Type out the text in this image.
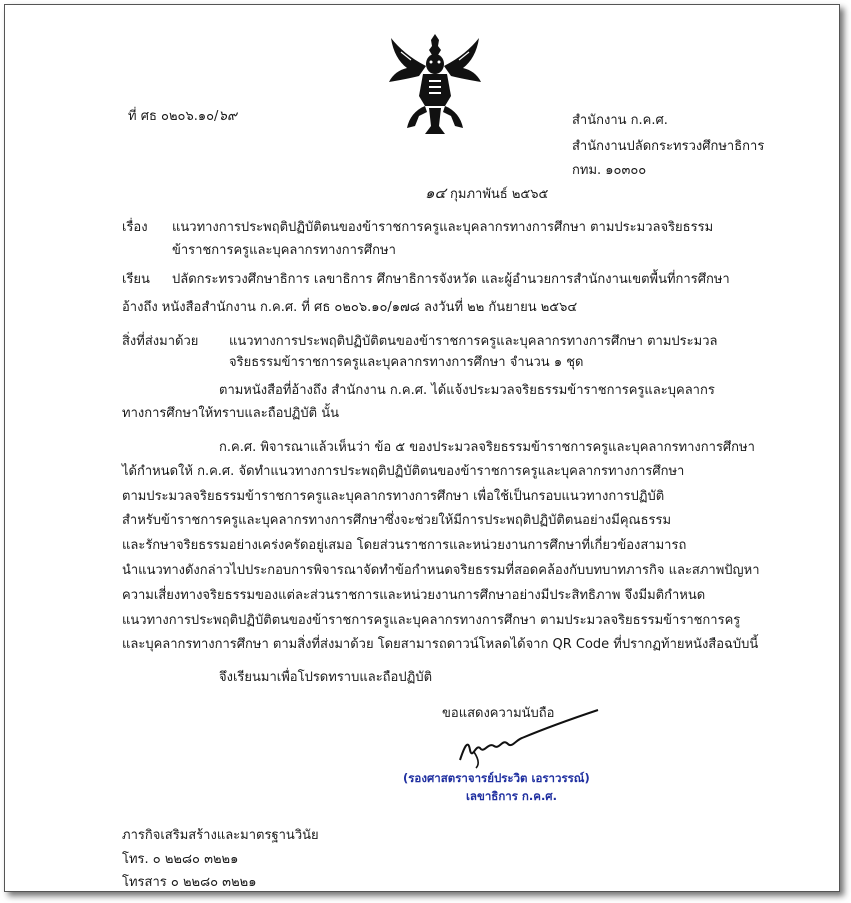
ที่ ศธ ๐๒๐๖.๑๐/๖๙	สำนักงาน ก.ค.ศ.
สำนักงานปลัดกระทรวงศึกษาธิการ
กทม. ๑๐๓๐๐
๑๔ กุมภาพันธ์ ๒๕๖๕
เรื่อง แนวทางการประพฤติปฏิบัติตนของข้าราชการครูและบุคลากรทางการศึกษา ตามประมวลจริยธรรม
ข้าราชการครูและบุคลากรทางการศึกษา
เรียน ปลัดกระทรวงศึกษาธิการ เลขาธิการ ศึกษาธิการจังหวัด และผู้อำนวยการสำนักงานเขตพื้นที่การศึกษา
อ้างถึง หนังสือสำนักงาน ก.ค.ศ. ที่ ศธ ๐๒๐๖.๑๐/๑๗๘ ลงวันที่ ๒๒ กันยายน ๒๕๖๔
สิ่งที่ส่งมาด้วย แนวทางการประพฤติปฏิบัติตนของข้าราชการครูและบุคลากรทางการศึกษา ตามประมวล
จริยธรรมข้าราชการครูและบุคลากรทางการศึกษา จำนวน ๑ ชุด
ตามหนังสือที่อ้างถึง สำนักงาน ก.ค.ศ. ได้แจ้งประมวลจริยธรรมข้าราชการครูและบุคลากร
ทางการศึกษาให้ทราบและถือปฏิบัติ นั้น
ก.ค.ศ. พิจารณาแล้วเห็นว่า ข้อ ๕ ของประมวลจริยธรรมข้าราชการครูและบุคลากรทางการศึกษา
ได้กำหนดให้ ก.ค.ศ. จัดทำแนวทางการประพฤติปฏิบัติตนของข้าราชการครูและบุคลากรทางการศึกษา
ตามประมวลจริยธรรมข้าราชการครูและบุคลากรทางการศึกษา เพื่อใช้เป็นกรอบแนวทางการปฏิบัติ
สำหรับข้าราชการครูและบุคลากรทางการศึกษาซึ่งจะช่วยให้มีการประพฤติปฏิบัติตนอย่างมีคุณธรรม
และรักษาจริยธรรมอย่างเคร่งครัดอยู่เสมอ โดยส่วนราชการและหน่วยงานการศึกษาที่เกี่ยวข้องสามารถ
นำแนวทางดังกล่าวไปประกอบการพิจารณาจัดทำข้อกำหนดจริยธรรมที่สอดคล้องกับบทบาทภารกิจ และสภาพปัญหา
ความเสี่ยงทางจริยธรรมของแต่ละส่วนราชการและหน่วยงานการศึกษาอย่างมีประสิทธิภาพ จึงมีมติกำหนด
แนวทางการประพฤติปฏิบัติตนของข้าราชการครูและบุคลากรทางการศึกษา ตามประมวลจริยธรรมข้าราชการครู
และบุคลากรทางการศึกษา ตามสิ่งที่ส่งมาด้วย โดยสามารถดาวน์โหลดได้จาก QR Code ที่ปรากฏท้ายหนังสือฉบับนี้
จึงเรียนมาเพื่อโปรดทราบและถือปฏิบัติ
ขอแสดงความนับถือ
(รองศาสตราจารย์ประวิต เอราวรรณ์)
เลขาธิการ ก.ค.ศ.
ภารกิจเสริมสร้างและมาตรฐานวินัย
โทร. ๐ ๒๒๘๐ ๓๒๒๑
โทรสาร ๐ ๒๒๘๐ ๓๒๒๑
